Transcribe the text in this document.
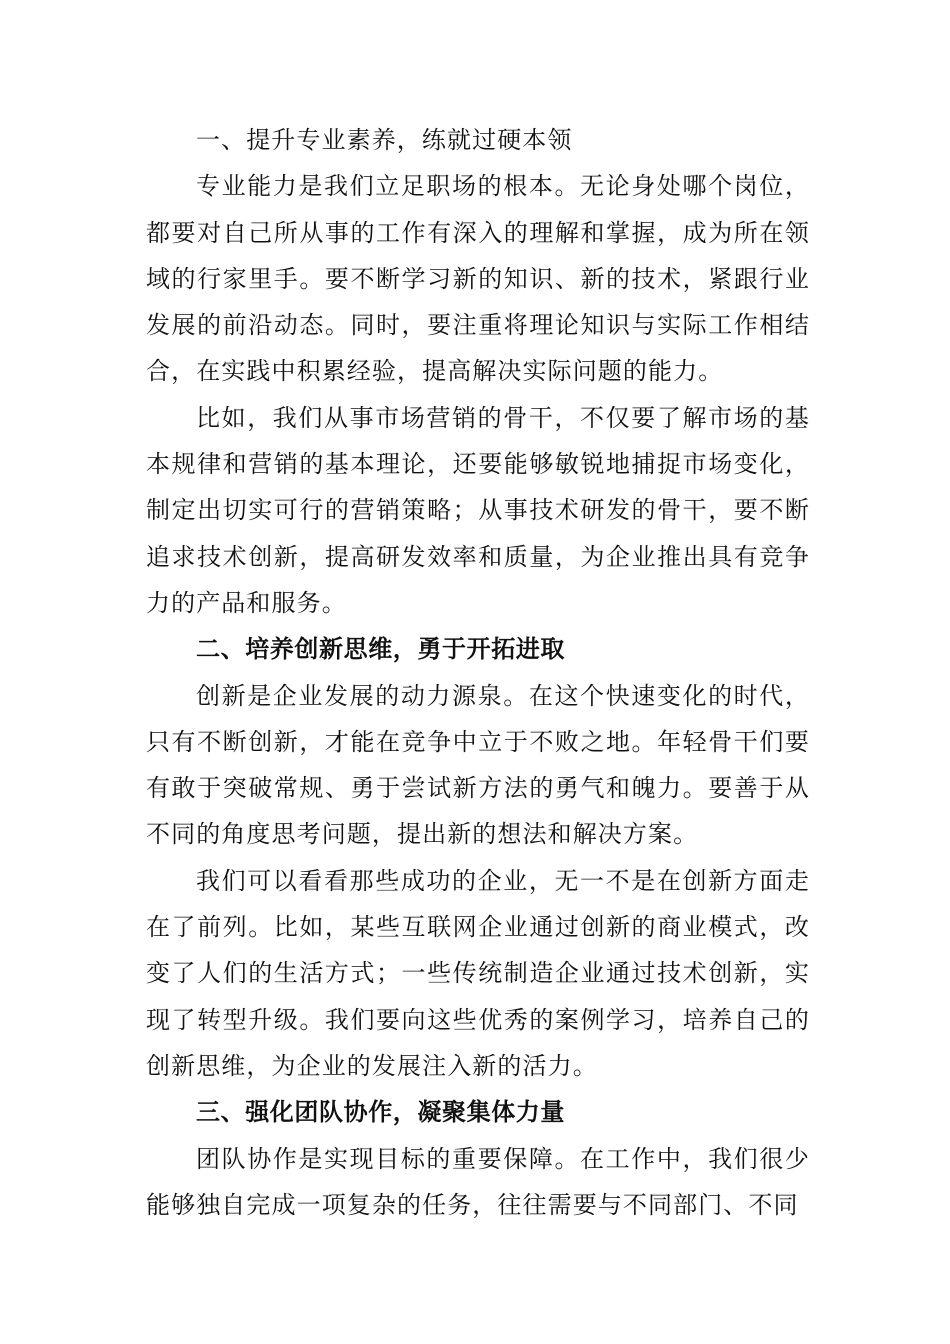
一、提升专业素养，练就过硬本领

专业能力是我们立足职场的根本。无论身处哪个岗位，都要对自己所从事的工作有深入的理解和掌握，成为所在领域的行家里手。要不断学习新的知识、新的技术，紧跟行业发展的前沿动态。同时，要注重将理论知识与实际工作相结合，在实践中积累经验，提高解决实际问题的能力。

比如，我们从事市场营销的骨干，不仅要了解市场的基本规律和营销的基本理论，还要能够敏锐地捕捉市场变化，制定出切实可行的营销策略；从事技术研发的骨干，要不断追求技术创新，提高研发效率和质量，为企业推出具有竞争力的产品和服务。

二、培养创新思维，勇于开拓进取

创新是企业发展的动力源泉。在这个快速变化的时代，只有不断创新，才能在竞争中立于不败之地。年轻骨干们要有敢于突破常规、勇于尝试新方法的勇气和魄力。要善于从不同的角度思考问题，提出新的想法和解决方案。

我们可以看看那些成功的企业，无一不是在创新方面走在了前列。比如，某些互联网企业通过创新的商业模式，改变了人们的生活方式；一些传统制造企业通过技术创新，实现了转型升级。我们要向这些优秀的案例学习，培养自己的创新思维，为企业的发展注入新的活力。

三、强化团队协作，凝聚集体力量

团队协作是实现目标的重要保障。在工作中，我们很少能够独自完成一项复杂的任务，往往需要与不同部门、不同
